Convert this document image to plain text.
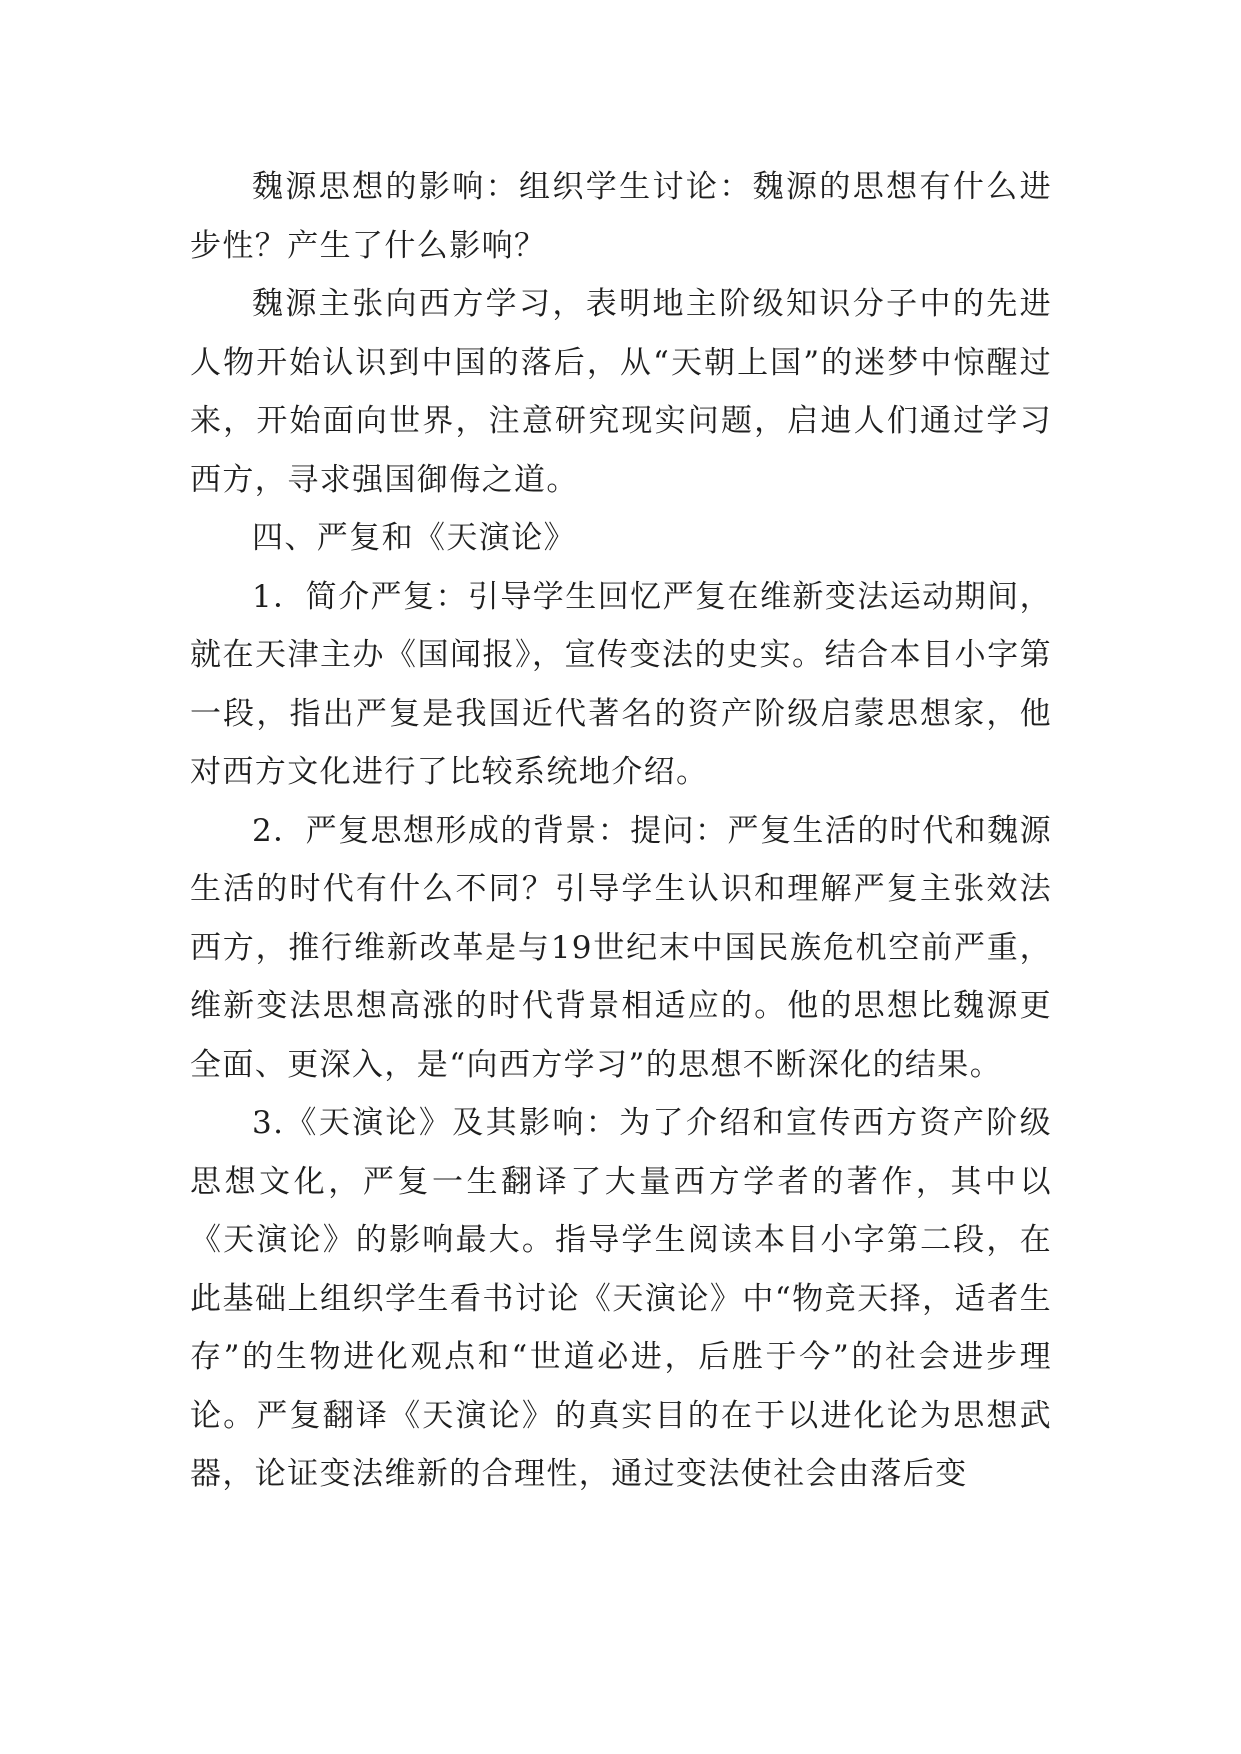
魏源思想的影响：组织学生讨论：魏源的思想有什么进步性？产生了什么影响？

魏源主张向西方学习，表明地主阶级知识分子中的先进人物开始认识到中国的落后，从“天朝上国”的迷梦中惊醒过来，开始面向世界，注意研究现实问题，启迪人们通过学习西方，寻求强国御侮之道。

四、严复和《天演论》

1．简介严复：引导学生回忆严复在维新变法运动期间，就在天津主办《国闻报》，宣传变法的史实。结合本目小字第一段，指出严复是我国近代著名的资产阶级启蒙思想家，他对西方文化进行了比较系统地介绍。

2．严复思想形成的背景：提问：严复生活的时代和魏源生活的时代有什么不同？引导学生认识和理解严复主张效法西方，推行维新改革是与19世纪末中国民族危机空前严重，维新变法思想高涨的时代背景相适应的。他的思想比魏源更全面、更深入，是“向西方学习”的思想不断深化的结果。

3.《天演论》及其影响：为了介绍和宣传西方资产阶级思想文化，严复一生翻译了大量西方学者的著作，其中以《天演论》的影响最大。指导学生阅读本目小字第二段，在此基础上组织学生看书讨论《天演论》中“物竞天择，适者生存”的生物进化观点和“世道必进，后胜于今”的社会进步理论。严复翻译《天演论》的真实目的在于以进化论为思想武器，论证变法维新的合理性，通过变法使社会由落后变
